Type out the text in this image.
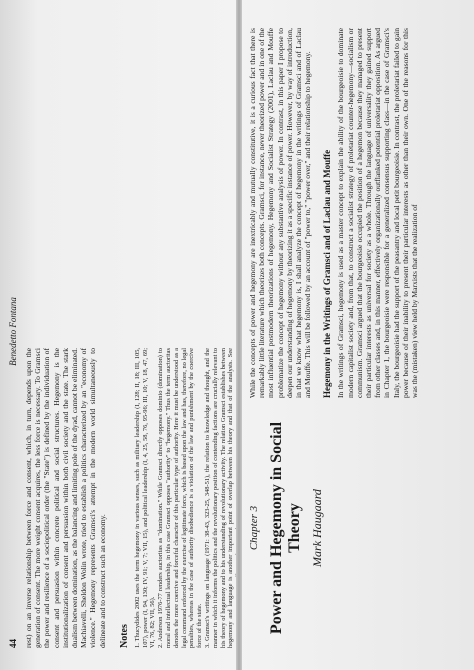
44
Benedetto Fontana

rest) on an inverse relationship between force and consent, which, in turn, depends upon the generation of consent. The more weight consent acquires, the less force is necessary. To Gramsci the power and resilience of a sociopolitical order (the "State") is defined by the individuation of consent and persuasion within concrete political and social structures. Hegemony is the institutionalization of consent and persuasion within both civil society and the state. The stark dualism between domination, as the balancing and limiting pole of the dyad, cannot be eliminated. Machiavelli, Sheldon Wolin wrote, tried to establish a politics characterized by an "economy of violence." Hegemony represents Gramsci's attempt in the modern world simultaneously to delineate and to construct such an economy. Notes 1. Thucydides 2002 uses the term hegemony in various senses, such as military leadership (I, 128; II, 18; III, 105, 107), power (I, 94, 130; IV, 91; V, 7; VII, 15), and political leadership (I, 4, 25, 58, 76, 95-96; III, 10; V, 18, 47, 69; VI, 76, 82; VII, 56). 2. Anderson 1976-77 renders auctoritas as "domination." While Gramsci directly opposes dominio (domination) to moral and intellectual leadership, in this case Gramsci opposes "authority" to "hegemony." Thus the term auctoritas denotes the more coercive and forceful character of this particular type of authority. Here it must be understood as a legal command enforced by the exercise of legitimate force, which is based upon the law and has, therefore, no legal penalties, whereas in the case of authority disobedience is a violation of the law and punishment by the coercive force of the state. 3. Gramsci's writings on language (1971: 38-43, 323-25, 348-51), the relation to knowledge and thought, and the manner in which it informs the politics and the revolutionary position of contending factions are crucially relevant to his theory of hegemony and to his understanding of revolutionary activity. The relation Gramsci establishes between hegemony and language is another important point of overlap between his theory and that of the analysts. See

Chapter 3 Power and Hegemony in Social Theory Mark Haugaard

While the concepts of power and hegemony are inextricably and mutually constitutive, it is a curious fact that there is remarkably little literature which theorizes both concepts. Gramsci, for instance, never theorized power and in one of the most influential postmodern theorizations of hegemony, Hegemony and Socialist Strategy (2001), Laclau and Mouffe problematize the concept of hegemony without any substantive analysis of power. In contrast, in this paper I propose to deepen our understanding of hegemony by theorizing it as a specific instance of power. However, by way of introduction, in that we know what hegemony is, I shall analyze the concept of hegemony in the writings of Gramsci and of Laclau and Mouffe. This will be followed by an account of "power to," "power over," and their relationship to hegemony. Hegemony in the Writings of Gramsci and of Laclau and Mouffe In the writings of Gramsci, hegemony is used as a master concept to explain the ability of the bourgeoisie to dominate modern capitalist society and, from that, to construct a socialist strategy of proletariat counter-hegemony—socialism or communism. Gramsci argued that the bourgeoisie occupied the position of a hegemon because they managed to present their particular interests as universal for society as a whole. Through the language of universality they gained support from other classes and, in this manner, effectively organizationally outflanked potential proletariat opposition. As argued in Chapter 1, the bourgeoisie were responsible for a generalized consensus supporting class—in the case of Gramsci's Italy, the bourgeoisie had the support of the peasantry and local petit bourgeoisie. In contrast, the proletariat failed to gain power because of their inability to present their particular interests as other than their own. One of the reasons for this was the (mistaken) view held by Marxists that the realization of
